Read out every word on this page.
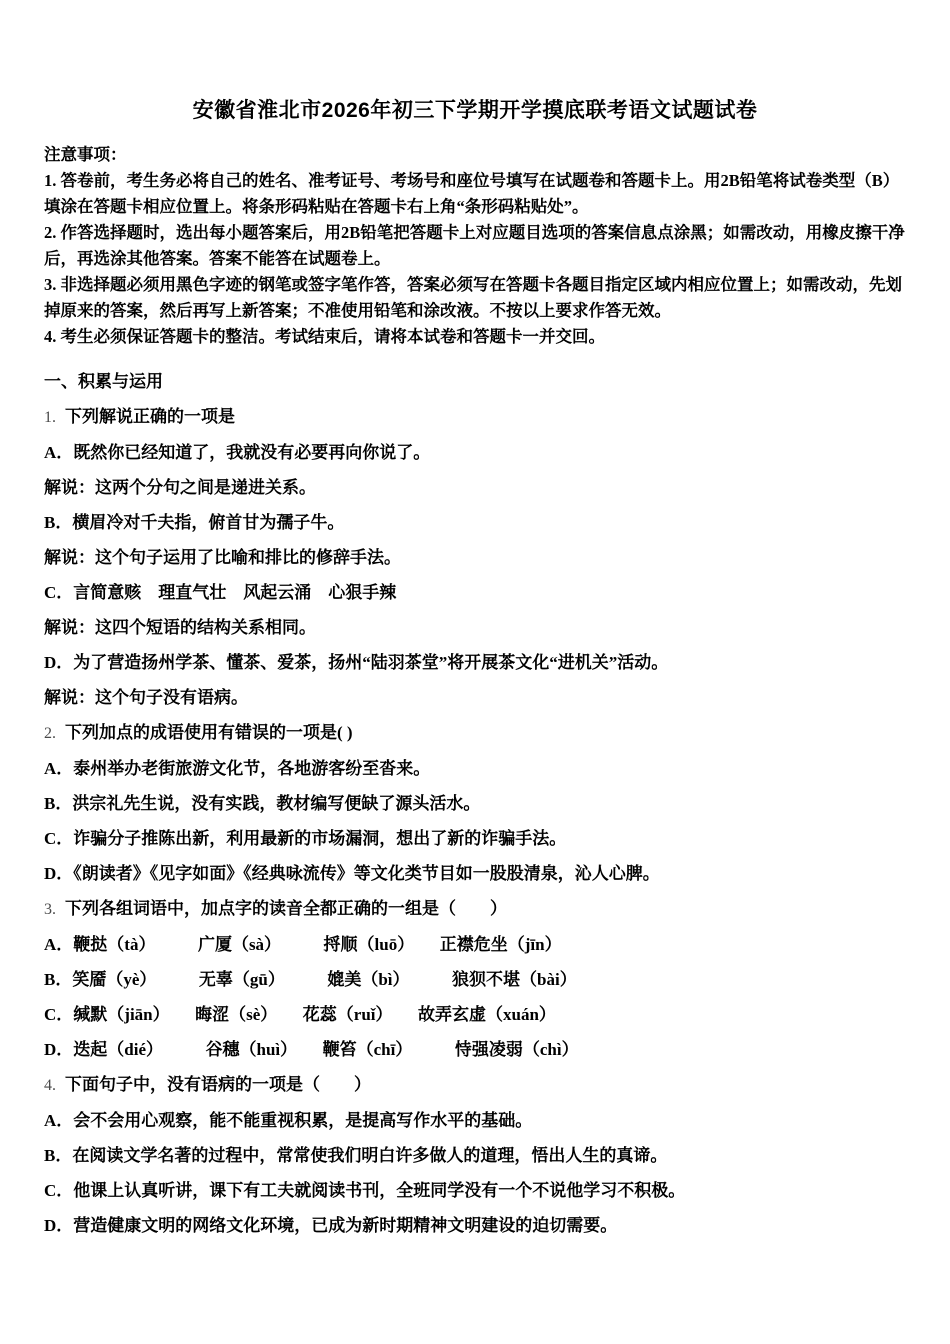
安徽省淮北市2026年初三下学期开学摸底联考语文试题试卷

注意事项：

1. 答卷前，考生务必将自己的姓名、准考证号、考场号和座位号填写在试题卷和答题卡上。用2B铅笔将试卷类型（B）填涂在答题卡相应位置上。将条形码粘贴在答题卡右上角“条形码粘贴处”。

2. 作答选择题时，选出每小题答案后，用2B铅笔把答题卡上对应题目选项的答案信息点涂黑；如需改动，用橡皮擦干净后，再选涂其他答案。答案不能答在试题卷上。

3. 非选择题必须用黑色字迹的钢笔或签字笔作答，答案必须写在答题卡各题目指定区域内相应位置上；如需改动，先划掉原来的答案，然后再写上新答案；不准使用铅笔和涂改液。不按以上要求作答无效。

4. 考生必须保证答题卡的整洁。考试结束后，请将本试卷和答题卡一并交回。

一、积累与运用

1. 下列解说正确的一项是

A．既然你已经知道了，我就没有必要再向你说了。

解说：这两个分句之间是递进关系。

B．横眉冷对千夫指，俯首甘为孺子牛。

解说：这个句子运用了比喻和排比的修辞手法。

C．言简意赅　理直气壮　风起云涌　心狠手辣

解说：这四个短语的结构关系相同。

D．为了营造扬州学茶、懂茶、爱茶，扬州“陆羽茶堂”将开展茶文化“进机关”活动。

解说：这个句子没有语病。

2. 下列加点的成语使用有错误的一项是( )

A．泰州举办老街旅游文化节，各地游客纷至沓来。

B．洪宗礼先生说，没有实践，教材编写便缺了源头活水。

C．诈骗分子推陈出新，利用最新的市场漏洞，想出了新的诈骗手法。

D．《朗读者》《见字如面》《经典咏流传》等文化类节目如一股股清泉，沁人心脾。

3. 下列各组词语中，加点字的读音全都正确的一组是（　　）

A．鞭挞（tà）　　　广厦（sà）　　　捋顺（luō）　　正襟危坐（jīn）

B．笑靥（yè）　　　无辜（gū）　　　媲美（bì）　　　狼狈不堪（bài）

C．缄默（jiān）　　晦涩（sè）　　花蕊（ruǐ）　　故弄玄虚（xuán）

D．迭起（dié）　　　谷穗（huì）　　鞭笞（chī）　　　恃强凌弱（chì）

4. 下面句子中，没有语病的一项是（　　）

A．会不会用心观察，能不能重视积累，是提高写作水平的基础。

B．在阅读文学名著的过程中，常常使我们明白许多做人的道理，悟出人生的真谛。

C．他课上认真听讲，课下有工夫就阅读书刊，全班同学没有一个不说他学习不积极。

D．营造健康文明的网络文化环境，已成为新时期精神文明建设的迫切需要。
